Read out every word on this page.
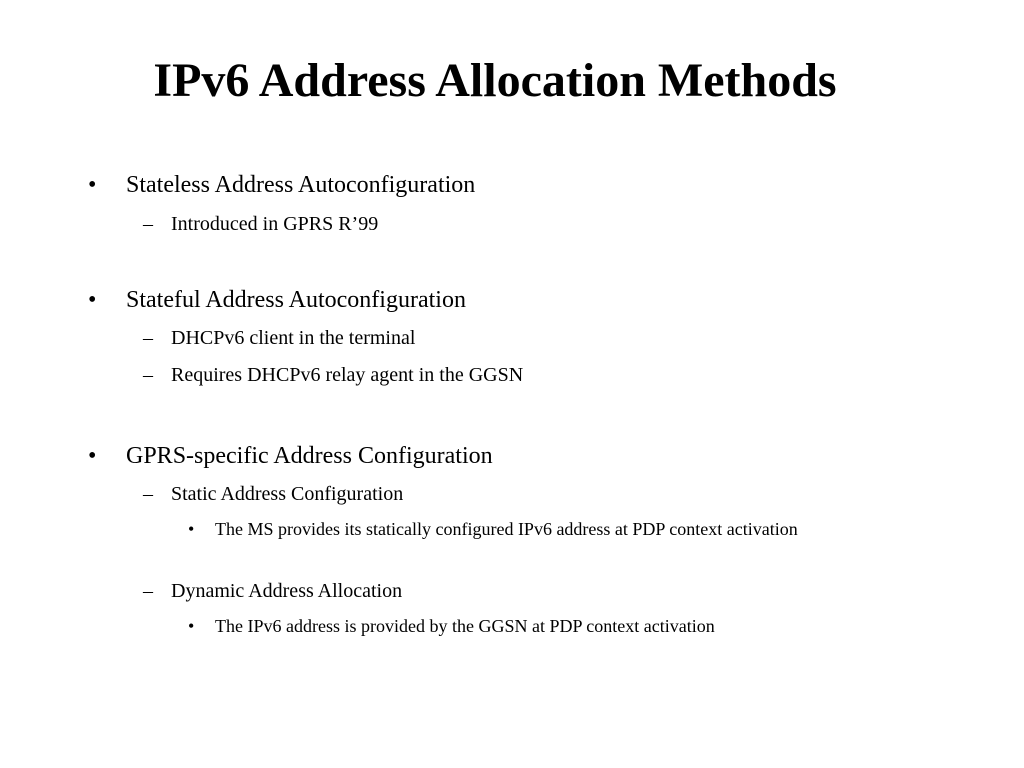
IPv6 Address Allocation Methods
• Stateless Address Autoconfiguration
– Introduced in GPRS R’99
• Stateful Address Autoconfiguration
– DHCPv6 client in the terminal
– Requires DHCPv6 relay agent in the GGSN
• GPRS-specific Address Configuration
– Static Address Configuration
• The MS provides its statically configured IPv6 address at PDP context activation
– Dynamic Address Allocation
• The IPv6 address is provided by the GGSN at PDP context activation
